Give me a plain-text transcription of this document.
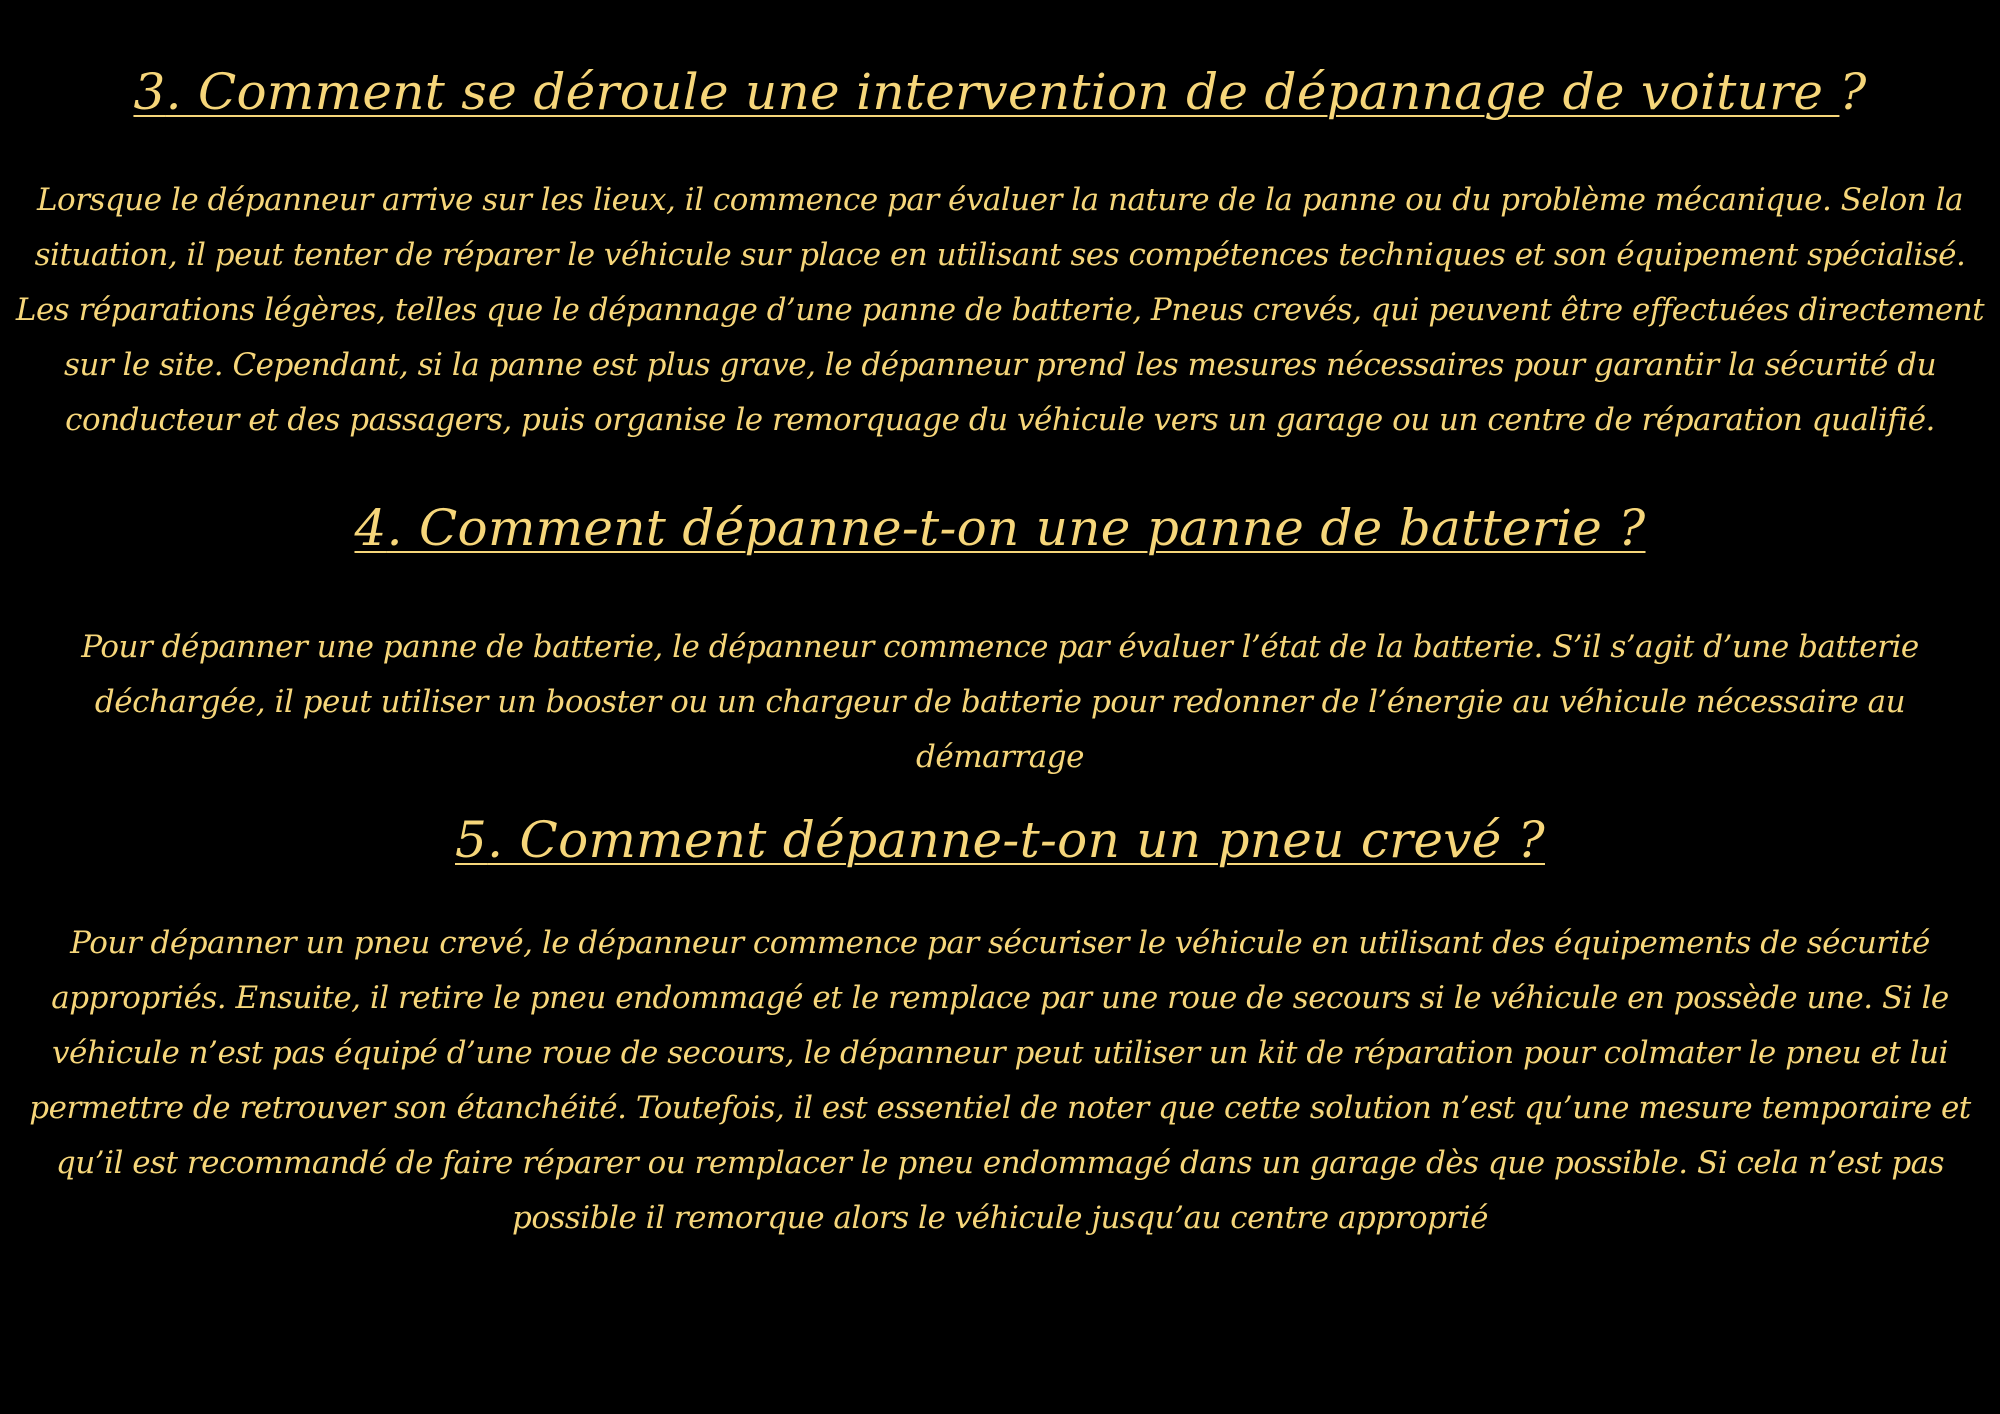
3. Comment se déroule une intervention de dépannage de voiture ?

Lorsque le dépanneur arrive sur les lieux, il commence par évaluer la nature de la panne ou du problème mécanique. Selon la situation, il peut tenter de réparer le véhicule sur place en utilisant ses compétences techniques et son équipement spécialisé. Les réparations légères, telles que le dépannage d’une panne de batterie, Pneus crevés, qui peuvent être effectuées directement sur le site. Cependant, si la panne est plus grave, le dépanneur prend les mesures nécessaires pour garantir la sécurité du conducteur et des passagers, puis organise le remorquage du véhicule vers un garage ou un centre de réparation qualifié.

4. Comment dépanne-t-on une panne de batterie ?

Pour dépanner une panne de batterie, le dépanneur commence par évaluer l’état de la batterie. S’il s’agit d’une batterie déchargée, il peut utiliser un booster ou un chargeur de batterie pour redonner de l’énergie au véhicule nécessaire au démarrage

5. Comment dépanne-t-on un pneu crevé ?

Pour dépanner un pneu crevé, le dépanneur commence par sécuriser le véhicule en utilisant des équipements de sécurité appropriés. Ensuite, il retire le pneu endommagé et le remplace par une roue de secours si le véhicule en possède une. Si le véhicule n’est pas équipé d’une roue de secours, le dépanneur peut utiliser un kit de réparation pour colmater le pneu et lui permettre de retrouver son étanchéité. Toutefois, il est essentiel de noter que cette solution n’est qu’une mesure temporaire et qu’il est recommandé de faire réparer ou remplacer le pneu endommagé dans un garage dès que possible. Si cela n’est pas possible il remorque alors le véhicule jusqu’au centre approprié
